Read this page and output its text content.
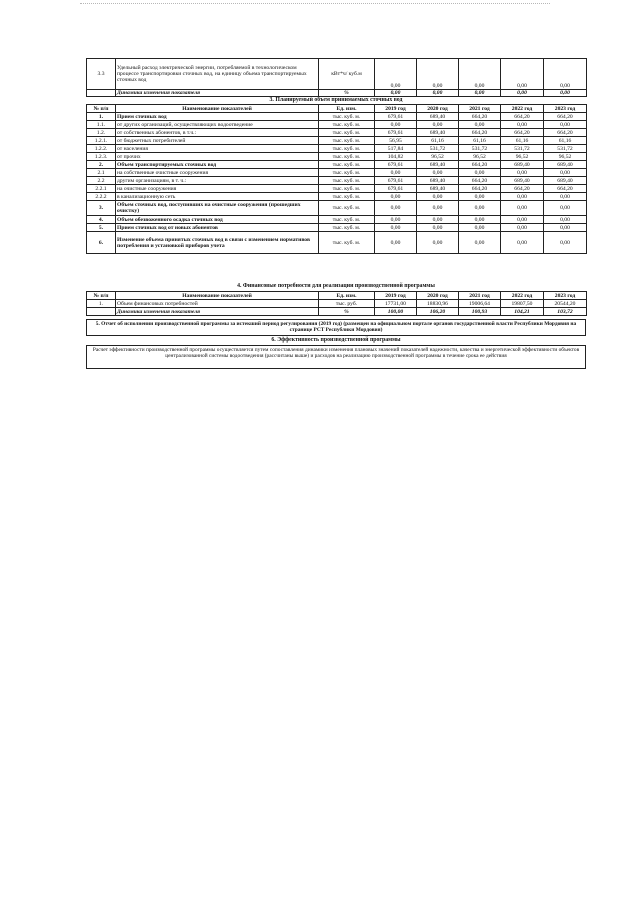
3.3	Удельный расход электрической энергии, потребляемой в технологическом процессе транспортировки сточных вод, на единицу объема транспортируемых сточных вод	кВт*ч/ куб.м	0,00	0,00	0,00	0,00	0,00
	Динамика изменения показателя	%	0,00	0,00	0,00	0,00	0,00
3. Планируемый объем принимаемых сточных вод
№ п/п	Наименование показателей	Ед. изм.	2019 год	2020 год	2021 год	2022 год	2023 год
1.	Прием сточных вод	тыс. куб. м.	679,61	689,40	664,20	664,20	664,20
1.1.	от других организаций, осуществляющих водоотведение	тыс. куб. м.	0,00	0,00	0,00	0,00	0,00
1.2.	от собственных абонентов, в т.ч.:	тыс. куб. м.	679,61	689,40	664,20	664,20	664,20
1.2.1.	от бюджетных потребителей	тыс. куб. м.	56,95	61,16	61,16	61,16	61,16
1.2.2.	от населения	тыс. куб. м.	517,84	531,72	531,72	531,72	531,72
1.2.3.	от прочих	тыс. куб. м.	104,82	96,52	96,52	96,52	96,52
2.	Объем транспортируемых сточных вод	тыс. куб. м.	679,61	689,40	664,20	689,40	689,40
2.1	на собственные очистные сооружения	тыс. куб. м.	0,00	0,00	0,00	0,00	0,00
2.2	другим организациям, в т. ч.:	тыс. куб. м.	679,61	689,40	664,20	689,40	689,40
2.2.1	на очистные сооружения	тыс. куб. м.	679,61	689,40	664,20	664,20	664,20
2.2.2	в канализационную сеть	тыс. куб. м.	0,00	0,00	0,00	0,00	0,00
3.	Объем сточных вод, поступивших на очистные сооружения (прошедших очистку)	тыс. куб. м.	0,00	0,00	0,00	0,00	0,00
4.	Объем обезвоженного осадка сточных вод	тыс. куб. м.	0,00	0,00	0,00	0,00	0,00
5.	Прием сточных вод от новых абонентов	тыс. куб. м.	0,00	0,00	0,00	0,00	0,00
6.	Изменение объема принятых сточных вод в связи с изменением нормативов потребления и установкой приборов учета	тыс. куб. м.	0,00	0,00	0,00	0,00	0,00
4. Финансовые потребности для реализации производственной программы
№ п/п	Наименование показателей	Ед. изм.	2019 год	2020 год	2021 год	2022 год	2023 год
1.	Объем финансовых потребностей	тыс. руб.	17731,00	18830,96	19006,64	19807,50	20544,20
	Динамика изменения показателя	%	100,00	106,20	100,93	104,21	103,72
5. Отчет об исполнении производственной программы за истекший период регулирования (2019 год) (размещен на официальном портале органов государственной власти Республики Мордовия на странице РСТ Республики Мордовия)
6. Эффективность производственной программы
Расчет эффективности производственной программы осуществляется путем сопоставления динамики изменения плановых значений показателей надежности, качества и энергетической эффективности объектов централизованной системы водоотведения (рассчитаны выше) и расходов на реализацию производственной программы в течение срока ее действия
